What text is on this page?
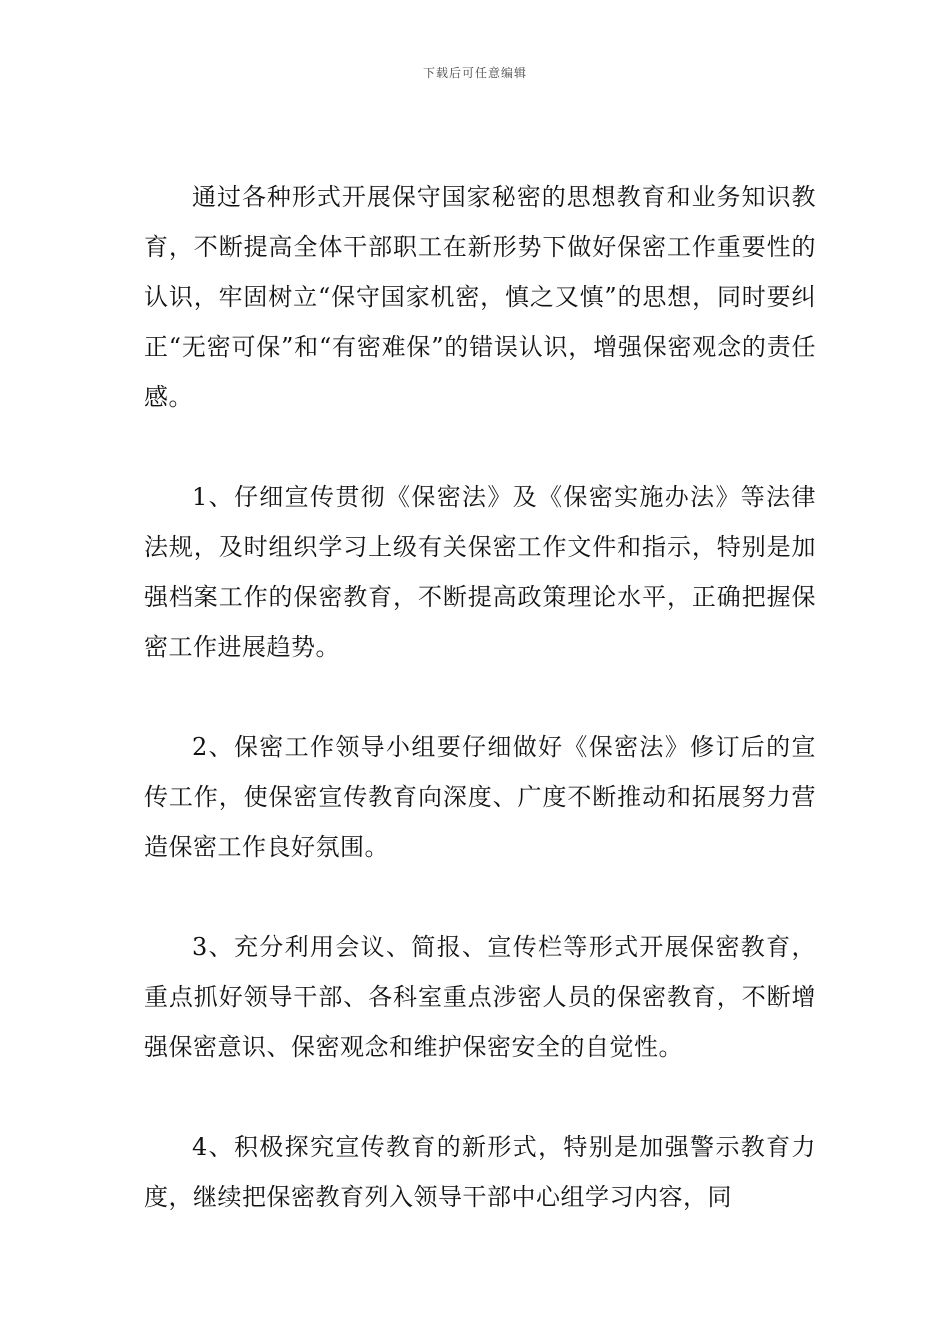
下载后可任意编辑

通过各种形式开展保守国家秘密的思想教育和业务知识教育，不断提高全体干部职工在新形势下做好保密工作重要性的认识，牢固树立“保守国家机密，慎之又慎”的思想，同时要纠正“无密可保”和“有密难保”的错误认识，增强保密观念的责任感。

1、仔细宣传贯彻《保密法》及《保密实施办法》等法律法规，及时组织学习上级有关保密工作文件和指示，特别是加强档案工作的保密教育，不断提高政策理论水平，正确把握保密工作进展趋势。

2、保密工作领导小组要仔细做好《保密法》修订后的宣传工作，使保密宣传教育向深度、广度不断推动和拓展努力营造保密工作良好氛围。

3、充分利用会议、简报、宣传栏等形式开展保密教育，重点抓好领导干部、各科室重点涉密人员的保密教育，不断增强保密意识、保密观念和维护保密安全的自觉性。

4、积极探究宣传教育的新形式，特别是加强警示教育力度，继续把保密教育列入领导干部中心组学习内容，同
